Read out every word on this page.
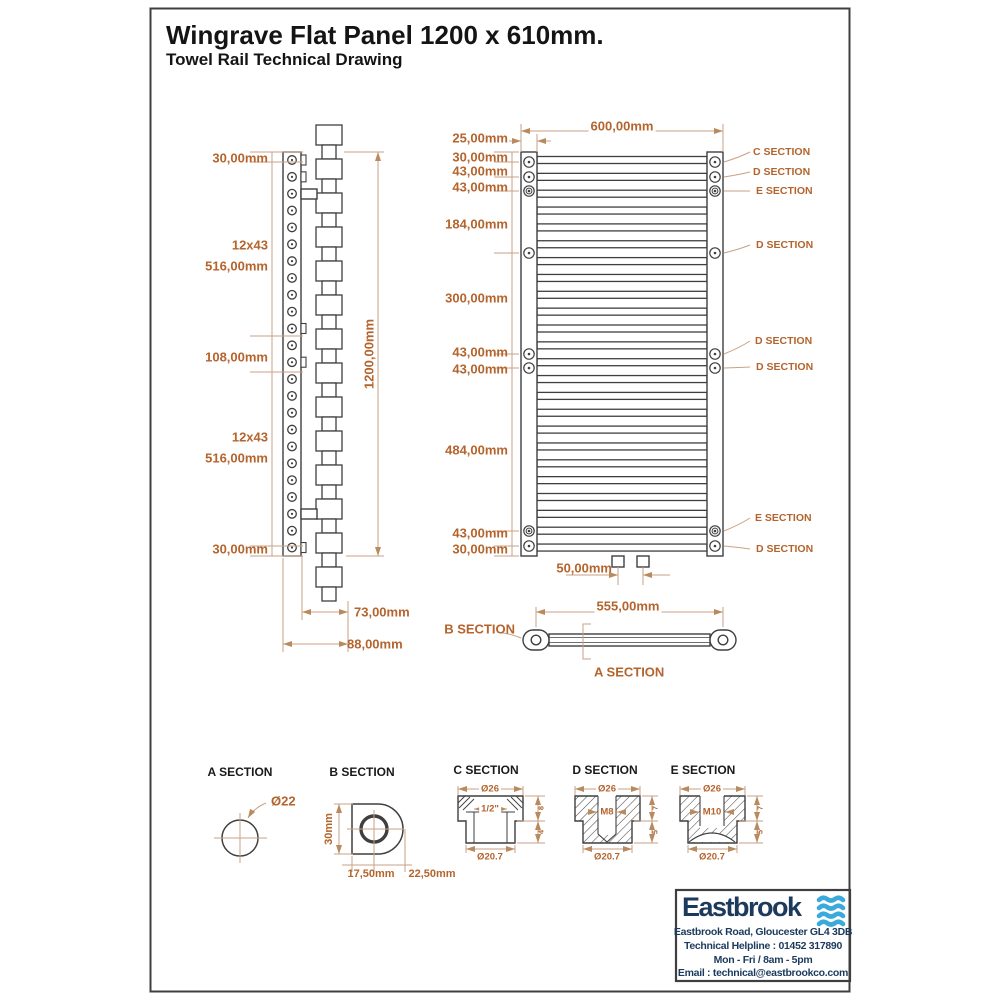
Wingrave Flat Panel 1200 x 610mm.
Towel Rail Technical Drawing
30,00mm
12x43
516,00mm
108,00mm
12x43
516,00mm
30,00mm
1200,00mm
73,00mm
88,00mm
600,00mm
25,00mm
30,00mm
43,00mm
43,00mm
184,00mm
300,00mm
43,00mm
43,00mm
484,00mm
43,00mm
30,00mm
50,00mm
C SECTION
D SECTION
E SECTION
D SECTION
D SECTION
D SECTION
E SECTION
D SECTION
B SECTION
555,00mm
A SECTION
A SECTION
Ø22
B SECTION
30mm
17,50mm 22,50mm
C SECTION
Ø26
1/2"
Ø20.7
8
4
D SECTION
Ø26
M8
Ø20.7
7
5
E SECTION
Ø26
M10
Ø20.7
7
5
Eastbrook
Eastbrook Road, Gloucester GL4 3DB
Technical Helpline : 01452 317890
Mon - Fri / 8am - 5pm
Email : technical@eastbrookco.com
